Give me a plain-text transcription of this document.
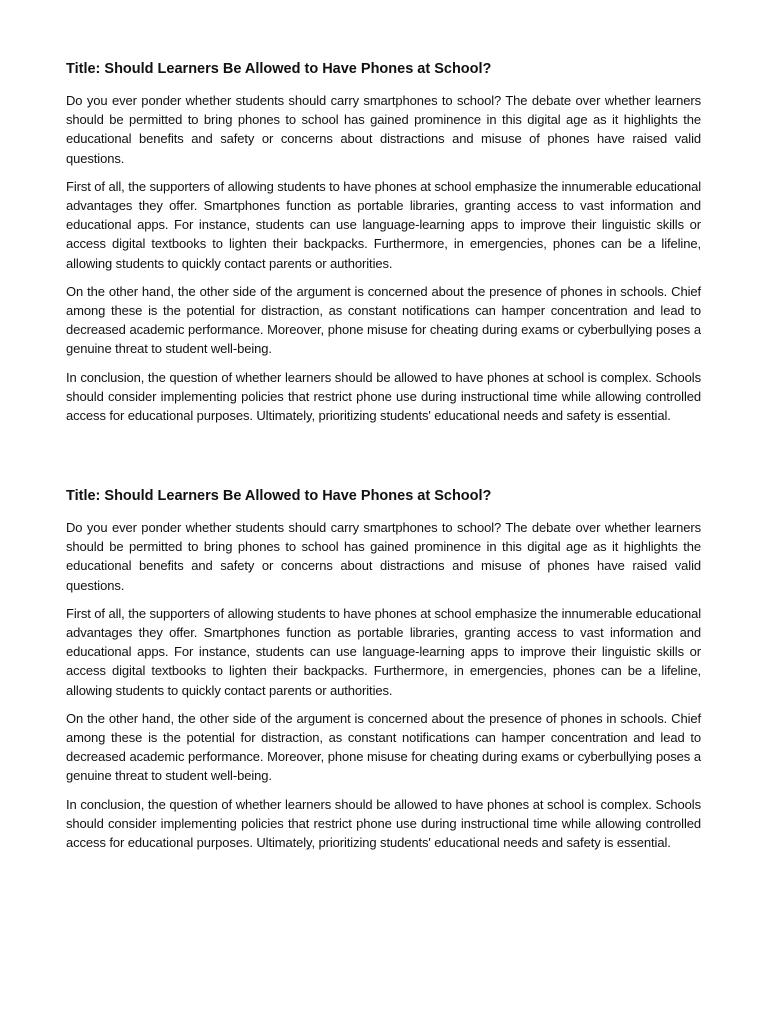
Title: Should Learners Be Allowed to Have Phones at School?

Do you ever ponder whether students should carry smartphones to school? The debate over whether learners should be permitted to bring phones to school has gained prominence in this digital age as it highlights the educational benefits and safety or concerns about distractions and misuse of phones have raised valid questions.

First of all, the supporters of allowing students to have phones at school emphasize the innumerable educational advantages they offer. Smartphones function as portable libraries, granting access to vast information and educational apps. For instance, students can use language-learning apps to improve their linguistic skills or access digital textbooks to lighten their backpacks. Furthermore, in emergencies, phones can be a lifeline, allowing students to quickly contact parents or authorities.

On the other hand, the other side of the argument is concerned about the presence of phones in schools. Chief among these is the potential for distraction, as constant notifications can hamper concentration and lead to decreased academic performance. Moreover, phone misuse for cheating during exams or cyberbullying poses a genuine threat to student well-being.

In conclusion, the question of whether learners should be allowed to have phones at school is complex. Schools should consider implementing policies that restrict phone use during instructional time while allowing controlled access for educational purposes. Ultimately, prioritizing students' educational needs and safety is essential.

Title: Should Learners Be Allowed to Have Phones at School?

Do you ever ponder whether students should carry smartphones to school? The debate over whether learners should be permitted to bring phones to school has gained prominence in this digital age as it highlights the educational benefits and safety or concerns about distractions and misuse of phones have raised valid questions.

First of all, the supporters of allowing students to have phones at school emphasize the innumerable educational advantages they offer. Smartphones function as portable libraries, granting access to vast information and educational apps. For instance, students can use language-learning apps to improve their linguistic skills or access digital textbooks to lighten their backpacks. Furthermore, in emergencies, phones can be a lifeline, allowing students to quickly contact parents or authorities.

On the other hand, the other side of the argument is concerned about the presence of phones in schools. Chief among these is the potential for distraction, as constant notifications can hamper concentration and lead to decreased academic performance. Moreover, phone misuse for cheating during exams or cyberbullying poses a genuine threat to student well-being.

In conclusion, the question of whether learners should be allowed to have phones at school is complex. Schools should consider implementing policies that restrict phone use during instructional time while allowing controlled access for educational purposes. Ultimately, prioritizing students' educational needs and safety is essential.
